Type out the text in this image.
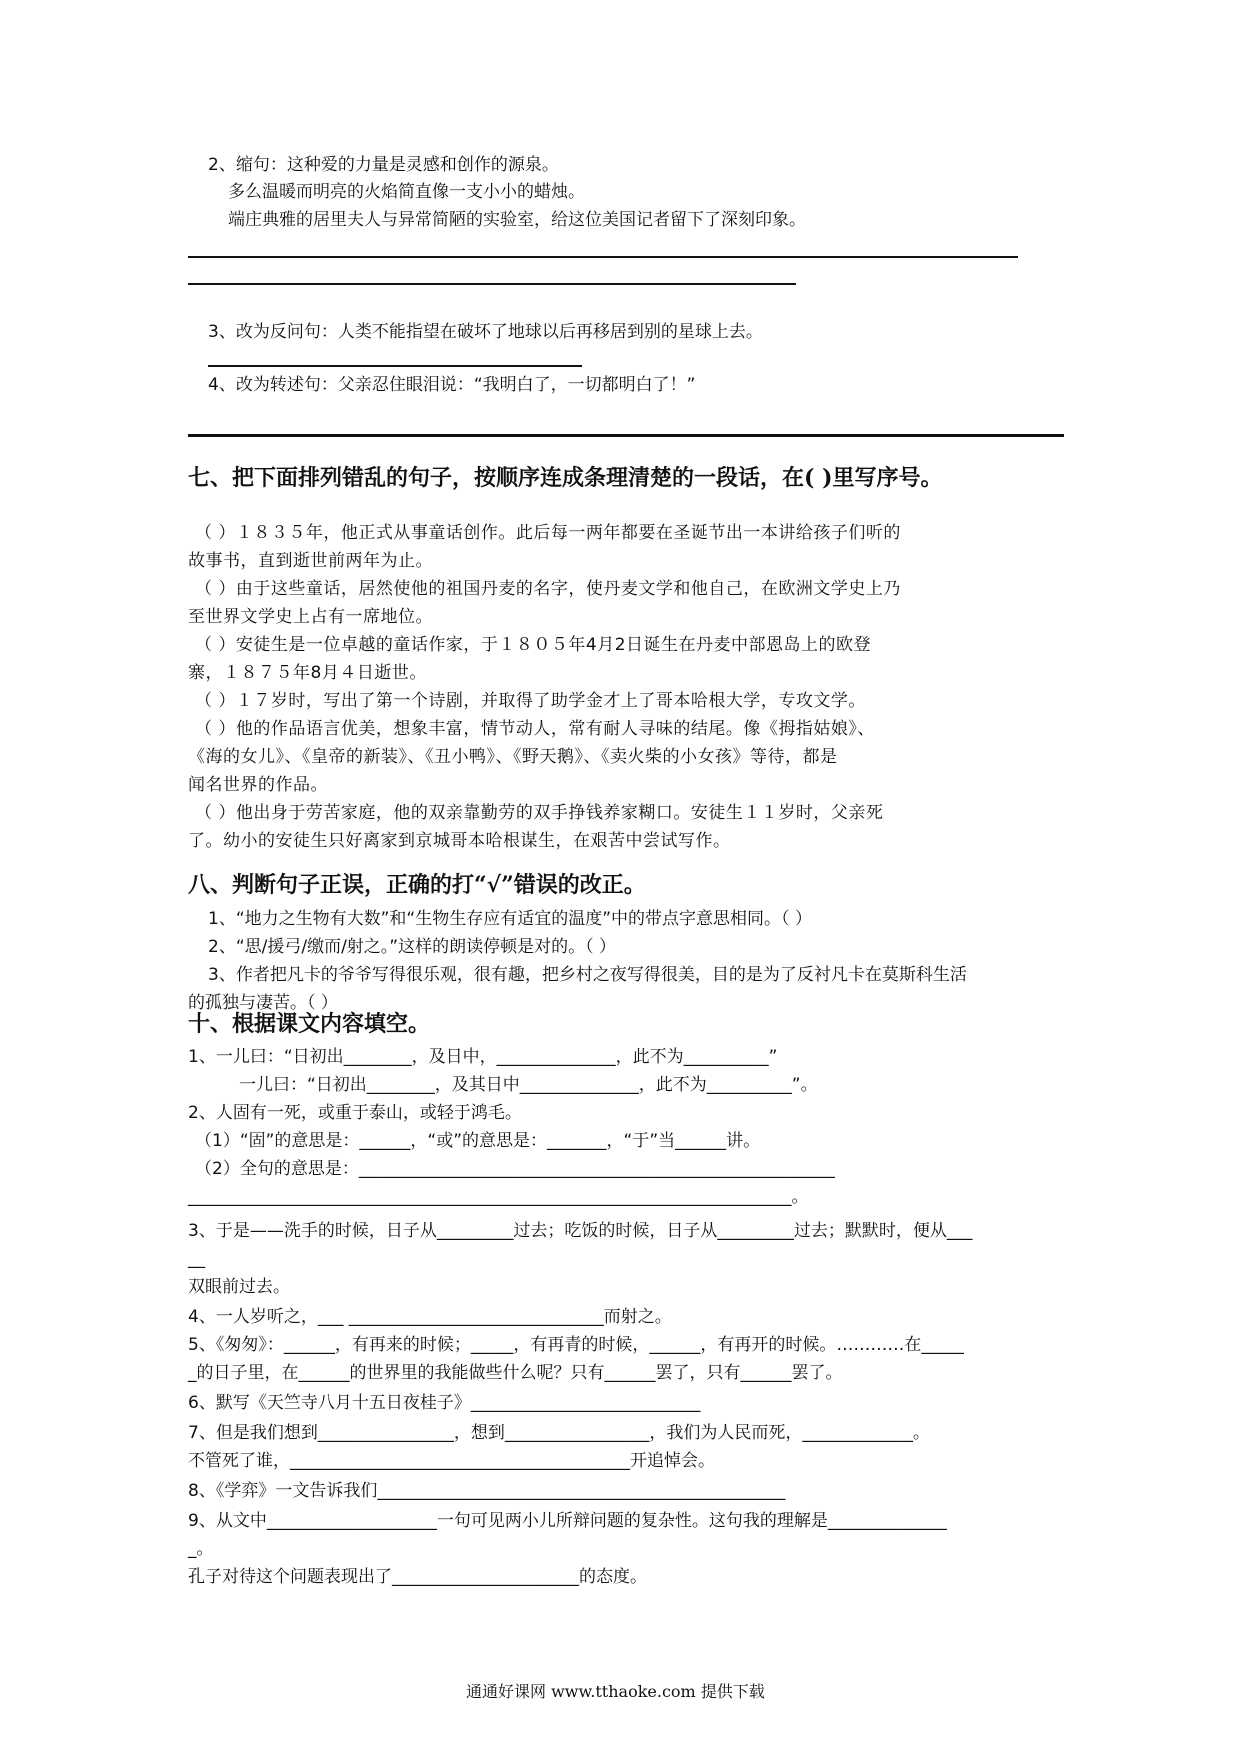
2、缩句：这种爱的力量是灵感和创作的源泉。
多么温暖而明亮的火焰简直像一支小小的蜡烛。
端庄典雅的居里夫人与异常简陋的实验室，给这位美国记者留下了深刻印象。
3、改为反问句：人类不能指望在破坏了地球以后再移居到别的星球上去。
4、改为转述句：父亲忍住眼泪说：“我明白了，一切都明白了！”
七、把下面排列错乱的句子，按顺序连成条理清楚的一段话，在( )里写序号。
（ ）１８３５年，他正式从事童话创作。此后每一两年都要在圣诞节出一本讲给孩子们听的
故事书，直到逝世前两年为止。
（ ）由于这些童话，居然使他的祖国丹麦的名字，使丹麦文学和他自己，在欧洲文学史上乃
至世界文学史上占有一席地位。
（ ）安徒生是一位卓越的童话作家，于１８０５年4月2日诞生在丹麦中部恩岛上的欧登
寨，１８７５年8月４日逝世。
（ ）１７岁时，写出了第一个诗剧，并取得了助学金才上了哥本哈根大学，专攻文学。
（ ）他的作品语言优美，想象丰富，情节动人，常有耐人寻味的结尾。像《拇指姑娘》、
《海的女儿》、《皇帝的新装》、《丑小鸭》、《野天鹅》、《卖火柴的小女孩》等待，都是
闻名世界的作品。
（ ）他出身于劳苦家庭，他的双亲靠勤劳的双手挣钱养家糊口。安徒生１１岁时，父亲死
了。幼小的安徒生只好离家到京城哥本哈根谋生，在艰苦中尝试写作。
八、判断句子正误，正确的打“√”错误的改正。
1、“地力之生物有大数”和“生物生存应有适宜的温度”中的带点字意思相同。（ ）
2、“思/援弓/缴而/射之。”这样的朗读停顿是对的。（ ）
3、作者把凡卡的爷爷写得很乐观，很有趣，把乡村之夜写得很美，目的是为了反衬凡卡在莫斯科生活
的孤独与凄苦。（ ）
十、根据课文内容填空。
1、一儿曰：“日初出________，及日中，______________，此不为__________”
一儿曰：“日初出________，及其日中______________，此不为__________”。
2、人固有一死，或重于泰山，或轻于鸿毛。
（1）“固”的意思是：______，“或”的意思是：_______，“于”当______讲。
（2）全句的意思是：________________________________________________________
_______________________________________________________________________。
3、于是——洗手的时候，日子从_________过去；吃饭的时候，日子从_________过去；默默时，便从___
__
双眼前过去。
4、一人岁听之，___ ______________________________而射之。
5、《匆匆》：______，有再来的时候；_____，有再青的时候，______，有再开的时候。…………在_____
_的日子里，在______的世界里的我能做些什么呢？只有______罢了，只有______罢了。
6、默写《天竺寺八月十五日夜桂子》___________________________
7、但是我们想到________________，想到_________________，我们为人民而死，_____________。
不管死了谁，________________________________________开追悼会。
8、《学弈》一文告诉我们________________________________________________
9、从文中____________________一句可见两小儿所辩问题的复杂性。这句我的理解是______________
_。
孔子对待这个问题表现出了______________________的态度。
通通好课网 www.tthaoke.com 提供下载
